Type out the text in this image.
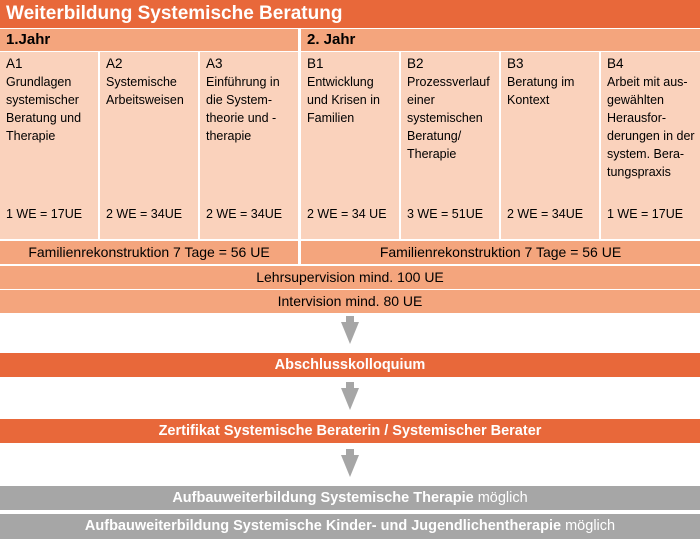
Weiterbildung Systemische Beratung
1.Jahr	2. Jahr
A1
Grundlagen systemischer Beratung und Therapie
1 WE = 17UE
A2
Systemische Arbeitsweisen
2 WE = 34UE
A3
Einführung in die System-theorie und -therapie
2 WE = 34UE
B1
Entwicklung und Krisen in Familien
2 WE = 34 UE
B2
Prozessverlauf einer systemischen Beratung/ Therapie
3 WE = 51UE
B3
Beratung im Kontext
2 WE = 34UE
B4
Arbeit mit aus-gewählten Herausfor-derungen in der system. Bera-tungspraxis
1 WE = 17UE
Familienrekonstruktion 7 Tage = 56 UE	Familienrekonstruktion 7 Tage = 56 UE
Lehrsupervision mind. 100 UE
Intervision mind. 80 UE
Abschlusskolloquium
Zertifikat Systemische Beraterin / Systemischer Berater
Aufbauweiterbildung Systemische Therapie möglich
Aufbauweiterbildung Systemische Kinder- und Jugendlichentherapie möglich
